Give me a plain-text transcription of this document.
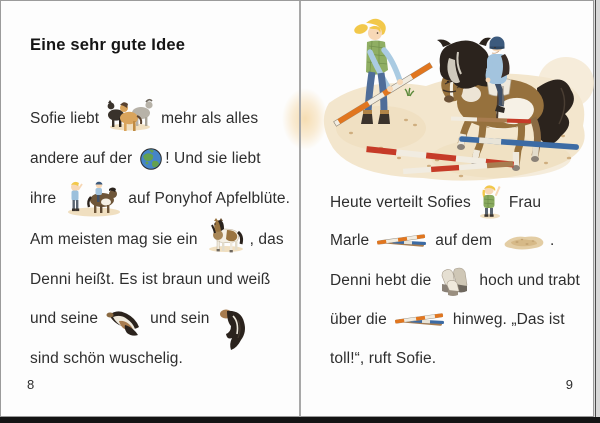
Eine sehr gute Idee
Sofie liebt	mehr als alles
andere auf der ! Und sie liebt
ihre	auf Ponyhof Apfelblüte.
Am meisten mag sie ein	, das
Denni heißt. Es ist braun und weiß
und seine	und sein
sind schön wuschelig.
8
Heute verteilt Sofies Frau
Marle	auf dem	.
Denni hebt die	hoch und trabt
über die	hinweg. „Das ist
toll!“, ruft Sofie.
9
